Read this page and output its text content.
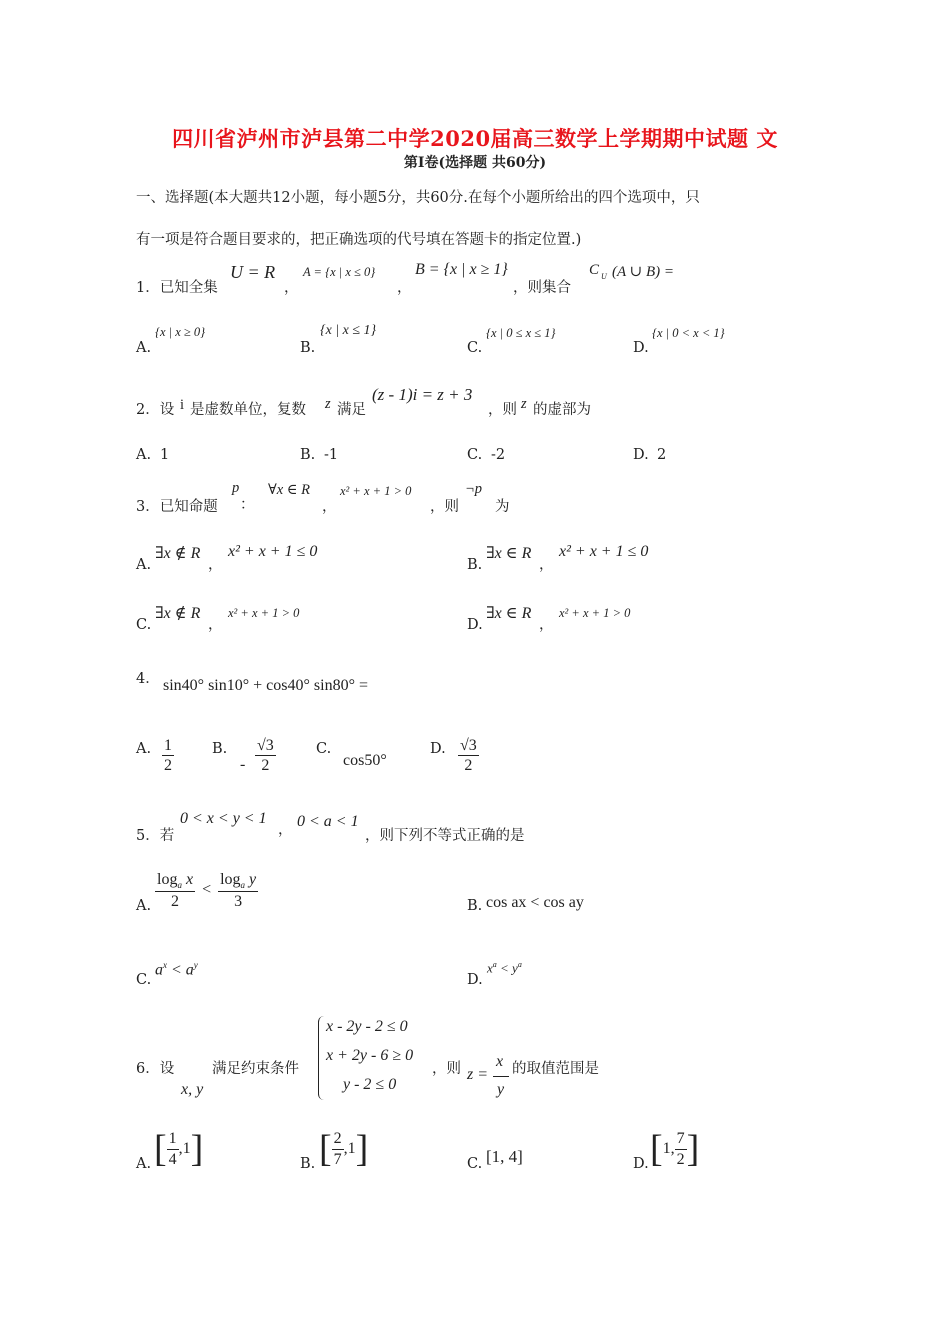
四川省泸州市泸县第二中学2020届高三数学上学期期中试题 文
第Ⅰ卷(选择题 共60分)
一、选择题(本大题共12小题，每小题5分，共60分.在每个小题所给出的四个选项中，只
有一项是符合题目要求的，把正确选项的代号填在答题卡的指定位置.)
1．已知全集
U = R
，
A = {x | x ≤ 0}
，
B = {x | x ≥ 1}
，则集合
C U (A ∪ B) =
A.
{x | x ≥ 0}
B.
{x | x ≤ 1}
C.
{x | 0 ≤ x ≤ 1}
D.
{x | 0 < x < 1}
2．设 i 是虚数单位，复数 z 满足
(z - 1)i = z + 3
，则 z 的虚部为
A. 1	B. -1	C. -2	D. 2
3．已知命题
p
：
∀x ∈ R
，
x² + x + 1 > 0
，则
¬p
为
A.
∃x ∉ R
，
x² + x + 1 ≤ 0
B.
∃x ∈ R
，
x² + x + 1 ≤ 0
C.
∃x ∉ R
，
x² + x + 1 > 0
D.
∃x ∈ R
，
x² + x + 1 > 0
4． sin40° sin10° + cos40° sin80° =
A. $\frac{1}{2}$	B.
- $\frac{√3}{2}$	C.
cos50°
D. $\frac{√3}{2}$
5．若
0 < x < y < 1
， 0 < a < 1
，则下列不等式正确的是
A. $\frac{\log_a x}{2} < \frac{\log_a y}{3}$	B. cos ax < cos ay
C.
$a^x < a^y$
D.
$x^a < y^a$
6．设
x, y
满足约束条件
x - 2y - 2 ≤ 0
x + 2y - 6 ≥ 0
y - 2 ≤ 0
，则 z =
x
y
的取值范围是
A. [ $\frac{1}{4}$ , 1 ]	B. [ $\frac{2}{7}$ , 1 ]	C. [1, 4]	D. [ 1 , $\frac{7}{2}$ ]
